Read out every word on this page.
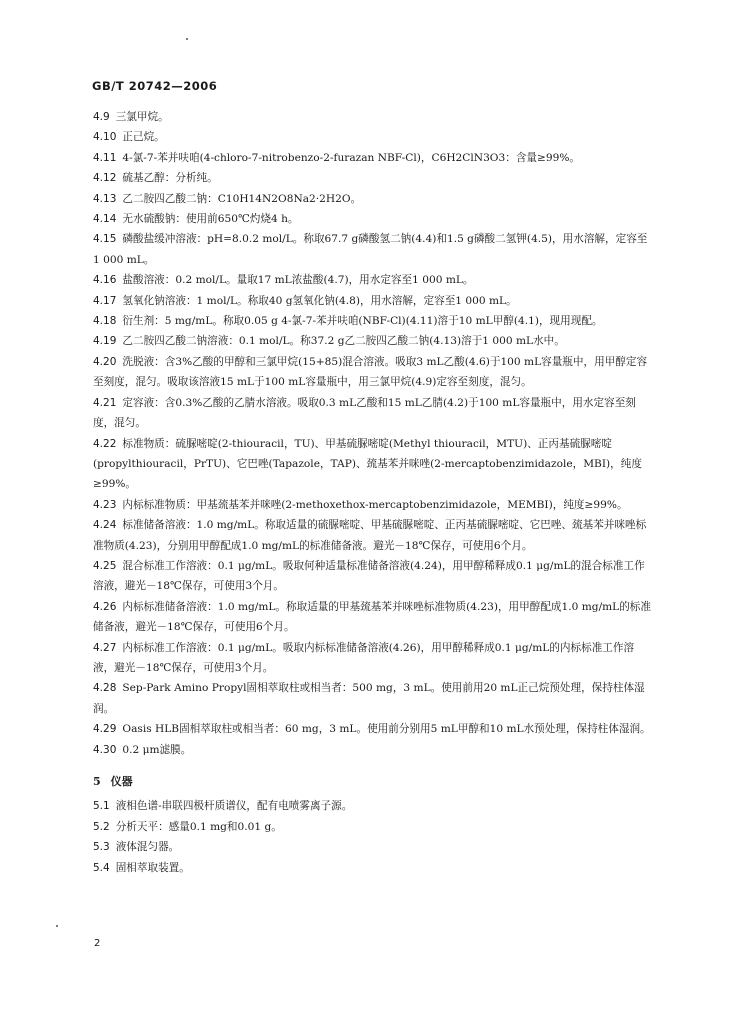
GB/T 20742—2006
4.9 三氯甲烷。
4.10 正己烷。
4.11 4-氯-7-苯并呋咱(4-chloro-7-nitrobenzo-2-furazan NBF-Cl)，C6H2ClN3O3：含量≥99%。
4.12 硫基乙醇：分析纯。
4.13 乙二胺四乙酸二钠：C10H14N2O8Na2·2H2O。
4.14 无水硫酸钠：使用前650℃灼烧4 h。
4.15 磷酸盐缓冲溶液：pH=8.0.2 mol/L。称取67.7 g磷酸氢二钠(4.4)和1.5 g磷酸二氢钾(4.5)，用水溶解，定容至1 000 mL。
4.16 盐酸溶液：0.2 mol/L。量取17 mL浓盐酸(4.7)，用水定容至1 000 mL。
4.17 氢氧化钠溶液：1 mol/L。称取40 g氢氧化钠(4.8)，用水溶解，定容至1 000 mL。
4.18 衍生剂：5 mg/mL。称取0.05 g 4-氯-7-苯并呋咱(NBF-Cl)(4.11)溶于10 mL甲醇(4.1)，现用现配。
4.19 乙二胺四乙酸二钠溶液：0.1 mol/L。称37.2 g乙二胺四乙酸二钠(4.13)溶于1 000 mL水中。
4.20 洗脱液：含3%乙酸的甲醇和三氯甲烷(15+85)混合溶液。吸取3 mL乙酸(4.6)于100 mL容量瓶中，用甲醇定容至刻度，混匀。吸取该溶液15 mL于100 mL容量瓶中，用三氯甲烷(4.9)定容至刻度，混匀。
4.21 定容液：含0.3%乙酸的乙腈水溶液。吸取0.3 mL乙酸和15 mL乙腈(4.2)于100 mL容量瓶中，用水定容至刻度，混匀。
4.22 标准物质：硫脲嘧啶(2-thiouracil，TU)、甲基硫脲嘧啶(Methyl thiouracil，MTU)、正丙基硫脲嘧啶(propylthiouracil，PrTU)、它巴唑(Tapazole，TAP)、巯基苯并咪唑(2-mercaptobenzimidazole，MBI)，纯度≥99%。
4.23 内标标准物质：甲基巯基苯并咪唑(2-methoxethox-mercaptobenzimidazole，MEMBI)，纯度≥99%。
4.24 标准储备溶液：1.0 mg/mL。称取适量的硫脲嘧啶、甲基硫脲嘧啶、正丙基硫脲嘧啶、它巴唑、巯基苯并咪唑标准物质(4.23)，分别用甲醇配成1.0 mg/mL的标准储备液。避光－18℃保存，可使用6个月。
4.25 混合标准工作溶液：0.1 μg/mL。吸取何种适量标准储备溶液(4.24)，用甲醇稀释成0.1 μg/mL的混合标准工作溶液，避光－18℃保存，可使用3个月。
4.26 内标标准储备溶液：1.0 mg/mL。称取适量的甲基巯基苯并咪唑标准物质(4.23)，用甲醇配成1.0 mg/mL的标准储备液，避光－18℃保存，可使用6个月。
4.27 内标标准工作溶液：0.1 μg/mL。吸取内标标准储备溶液(4.26)，用甲醇稀释成0.1 μg/mL的内标标准工作溶液，避光－18℃保存，可使用3个月。
4.28 Sep-Park Amino Propyl固相萃取柱或相当者：500 mg，3 mL。使用前用20 mL正己烷预处理，保持柱体湿润。
4.29 Oasis HLB固相萃取柱或相当者：60 mg，3 mL。使用前分别用5 mL甲醇和10 mL水预处理，保持柱体湿润。
4.30 0.2 μm滤膜。
5 仪器
5.1 液相色谱-串联四极杆质谱仪，配有电喷雾离子源。
5.2 分析天平：感量0.1 mg和0.01 g。
5.3 液体混匀器。
5.4 固相萃取装置。
2
